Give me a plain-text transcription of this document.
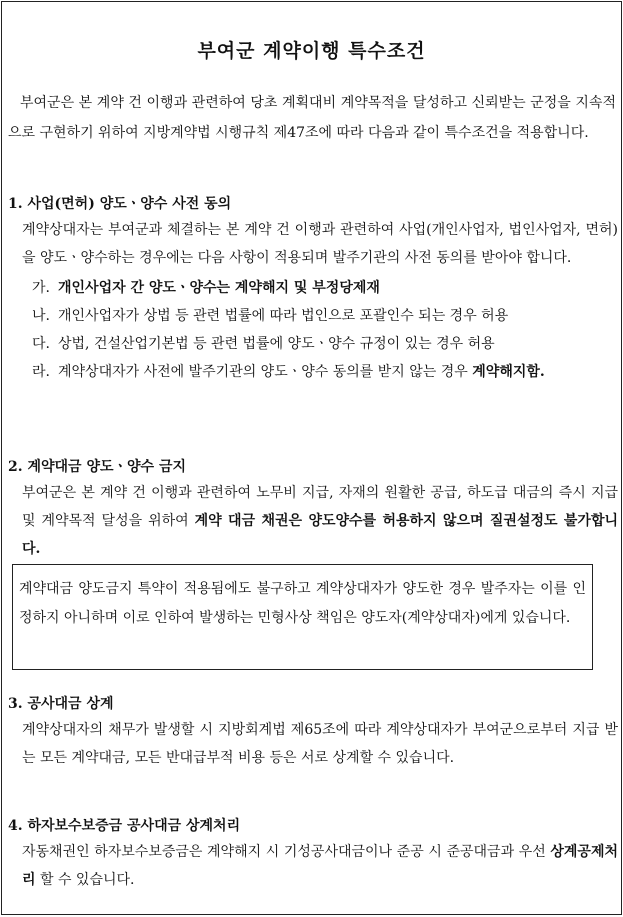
부여군 계약이행 특수조건
부여군은 본 계약 건 이행과 관련하여 당초 계획대비 계약목적을 달성하고 신뢰받는 군정을 지속적으로 구현하기 위하여 지방계약법 시행규칙 제47조에 따라 다음과 같이 특수조건을 적용합니다.
1. 사업(면허) 양도ㆍ양수 사전 동의
계약상대자는 부여군과 체결하는 본 계약 건 이행과 관련하여 사업(개인사업자, 법인사업자, 면허)을 양도ㆍ양수하는 경우에는 다음 사항이 적용되며 발주기관의 사전 동의를 받아야 합니다.
가. 개인사업자 간 양도ㆍ양수는 계약해지 및 부정당제재
나. 개인사업자가 상법 등 관련 법률에 따라 법인으로 포괄인수 되는 경우 허용
다. 상법, 건설산업기본법 등 관련 법률에 양도ㆍ양수 규정이 있는 경우 허용
라. 계약상대자가 사전에 발주기관의 양도ㆍ양수 동의를 받지 않는 경우 계약해지함.
2. 계약대금 양도ㆍ양수 금지
부여군은 본 계약 건 이행과 관련하여 노무비 지급, 자재의 원활한 공급, 하도급 대금의 즉시 지급 및 계약목적 달성을 위하여 계약 대금 채권은 양도양수를 허용하지 않으며 질권설정도 불가합니다.
계약대금 양도금지 특약이 적용됨에도 불구하고 계약상대자가 양도한 경우 발주자는 이를 인정하지 아니하며 이로 인하여 발생하는 민형사상 책임은 양도자(계약상대자)에게 있습니다.
3. 공사대금 상계
계약상대자의 채무가 발생할 시 지방회계법 제65조에 따라 계약상대자가 부여군으로부터 지급 받는 모든 계약대금, 모든 반대급부적 비용 등은 서로 상계할 수 있습니다.
4. 하자보수보증금 공사대금 상계처리
자동채권인 하자보수보증금은 계약해지 시 기성공사대금이나 준공 시 준공대금과 우선 상계공제처리 할 수 있습니다.
